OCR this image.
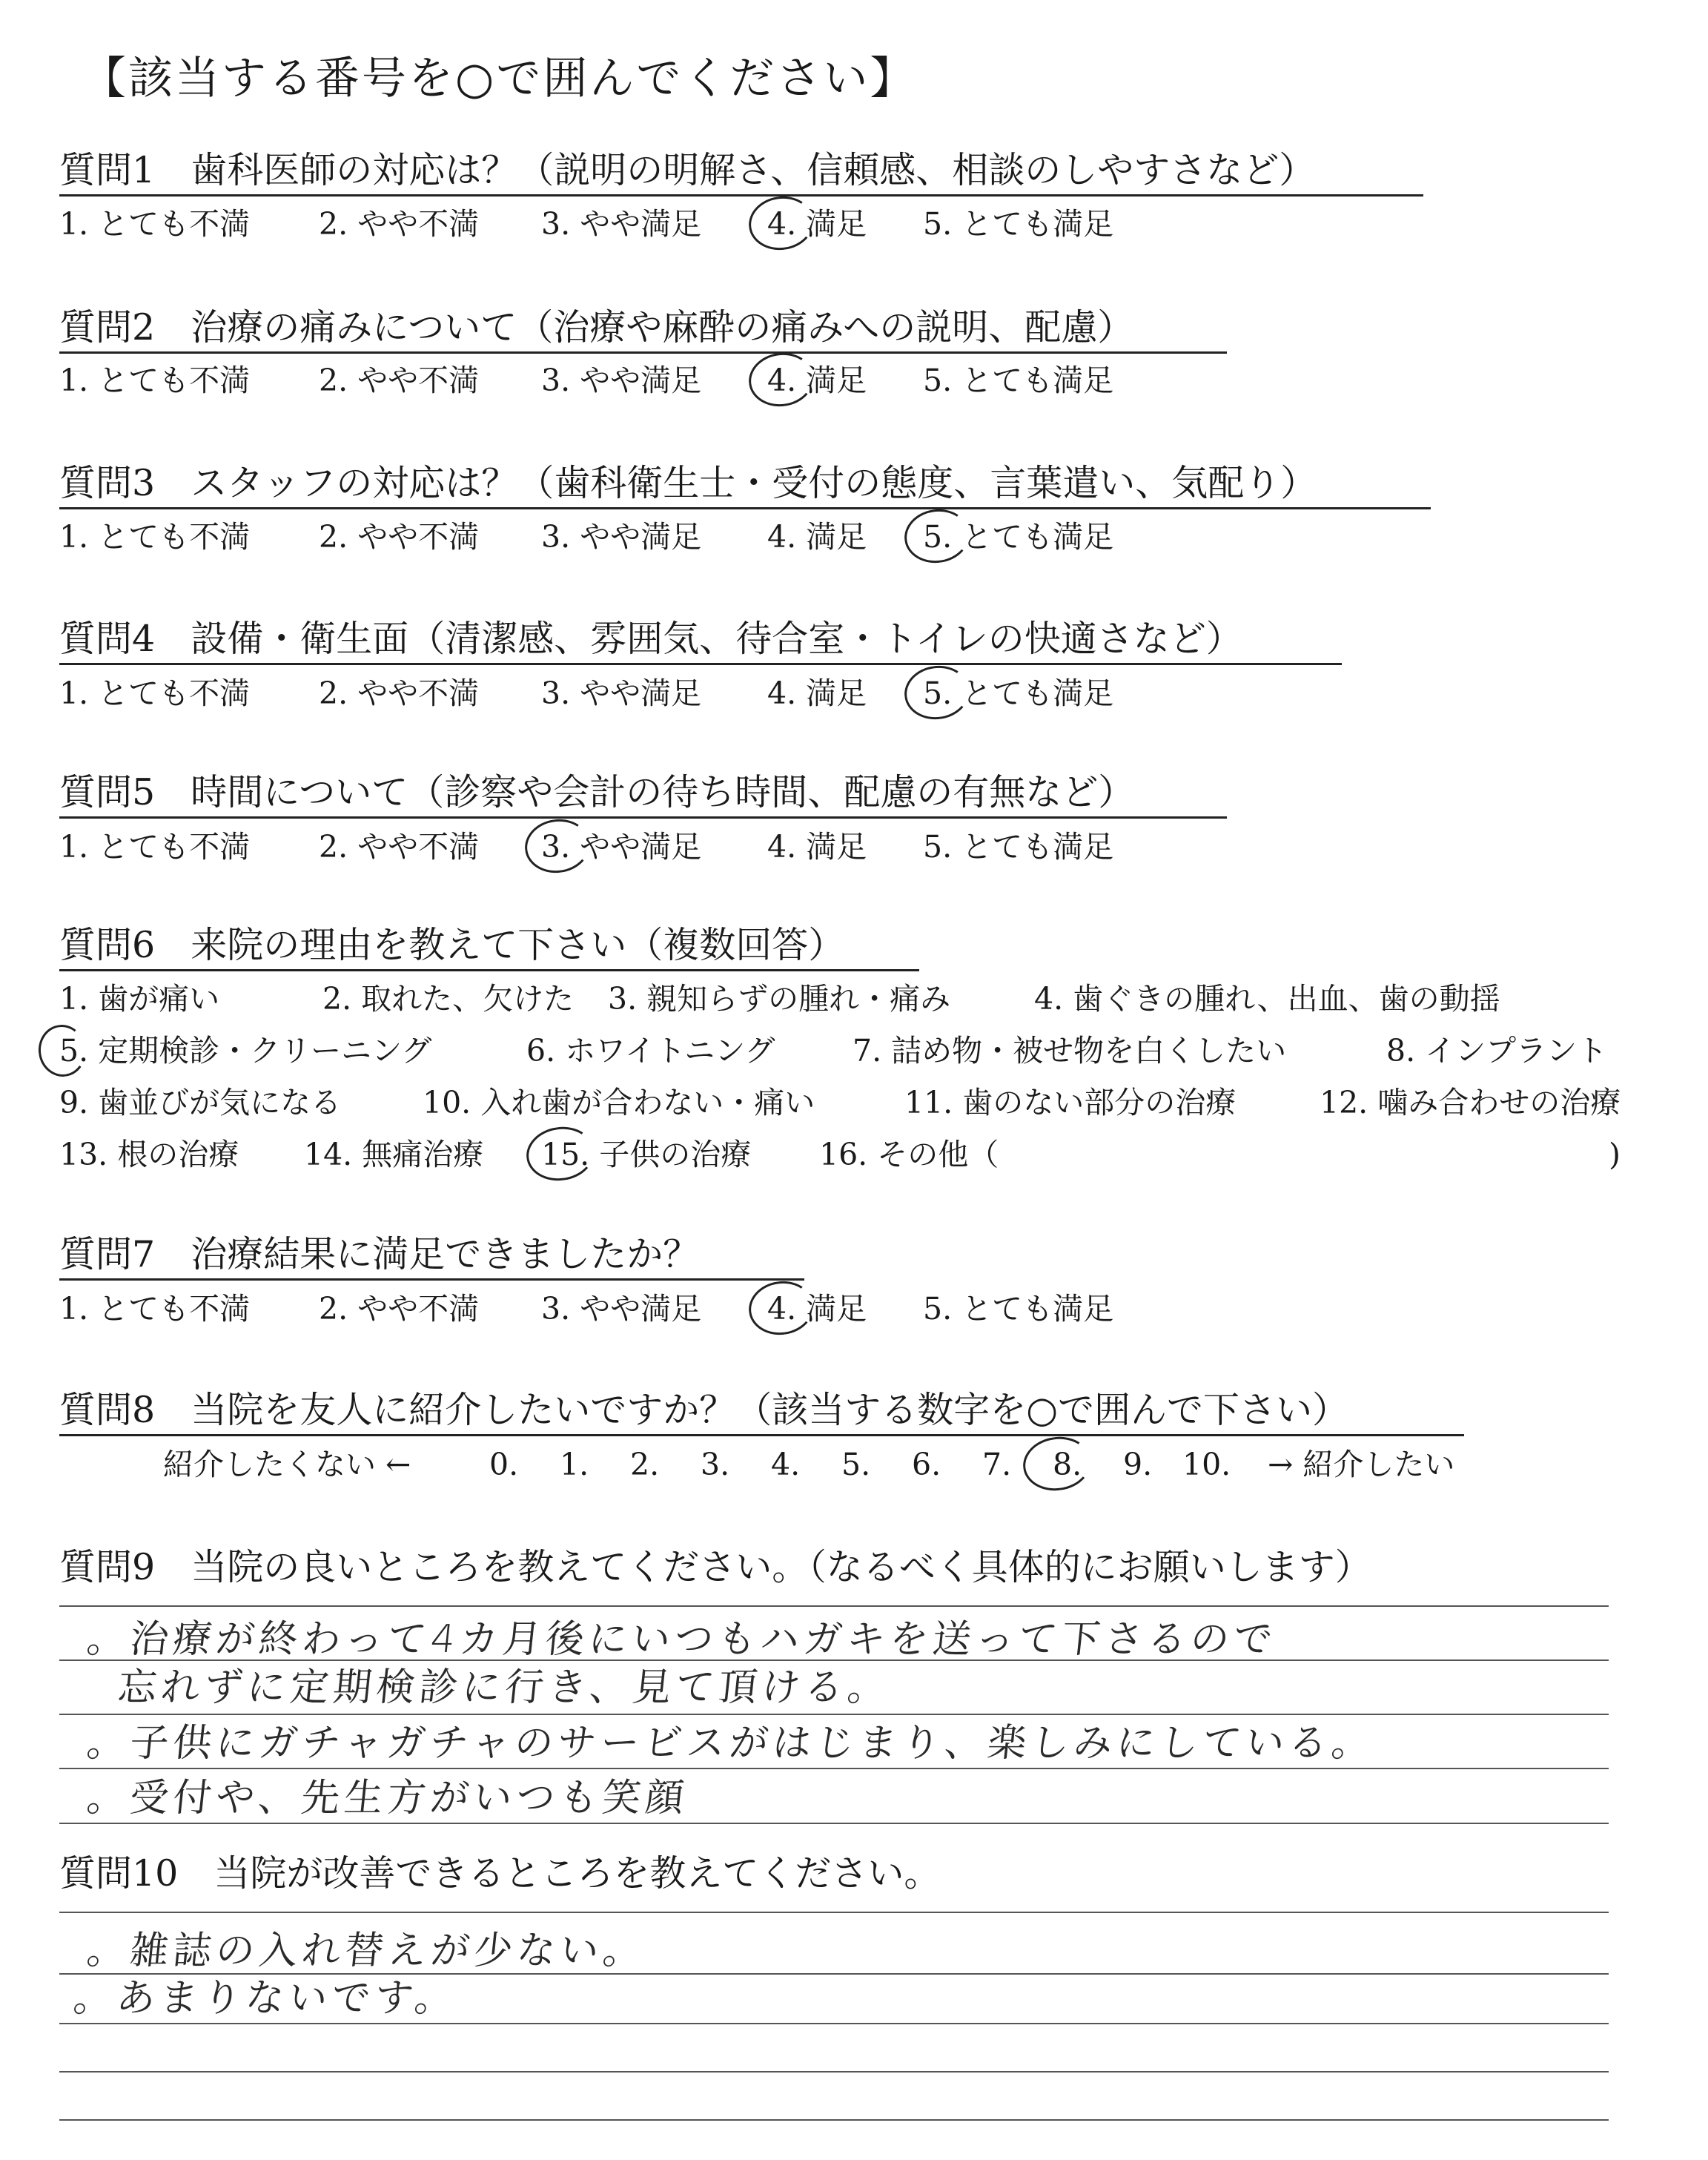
【該当する番号を○で囲んでください】
質問1 歯科医師の対応は？（説明の明解さ、信頼感、相談のしやすさなど）
1. とても不満 2. やや不満 3. やや満足 4. 満足 5. とても満足
質問2 治療の痛みについて（治療や麻酔の痛みへの説明、配慮）
1. とても不満 2. やや不満 3. やや満足 4. 満足 5. とても満足
質問3 スタッフの対応は？（歯科衛生士・受付の態度、言葉遣い、気配り）
1. とても不満 2. やや不満 3. やや満足 4. 満足 5. とても満足
質問4 設備・衛生面（清潔感、雰囲気、待合室・トイレの快適さなど）
1. とても不満 2. やや不満 3. やや満足 4. 満足 5. とても満足
質問5 時間について（診察や会計の待ち時間、配慮の有無など）
1. とても不満 2. やや不満 3. やや満足 4. 満足 5. とても満足
質問6 来院の理由を教えて下さい（複数回答）
1. 歯が痛い	2. 取れた、欠けた 3. 親知らずの腫れ・痛み	4. 歯ぐきの腫れ、出血、歯の動揺
5. 定期検診・クリーニング	6. ホワイトニング	7. 詰め物・被せ物を白くしたい	8. インプラント
9. 歯並びが気になる	10. 入れ歯が合わない・痛い	11. 歯のない部分の治療	12. 噛み合わせの治療
13. 根の治療 14. 無痛治療 15. 子供の治療 16. その他（	)
質問7 治療結果に満足できましたか？
1. とても不満 2. やや不満 3. やや満足 4. 満足 5. とても満足
質問8 当院を友人に紹介したいですか？（該当する数字を○で囲んで下さい）
紹介したくない ←	0. 1. 2. 3. 4. 5. 6. 7. 8. 9. 10. → 紹介したい
質問9 当院の良いところを教えてください。（なるべく具体的にお願いします）
。治療が終わって4カ月後にいつもハガキを送って下さるので
忘れずに定期検診に行き、見て頂ける。
。子供にガチャガチャのサービスがはじまり、楽しみにしている。
。受付や、先生方がいつも笑顔
質問10 当院が改善できるところを教えてください。
。雑誌の入れ替えが少ない。
。あまりないです。
